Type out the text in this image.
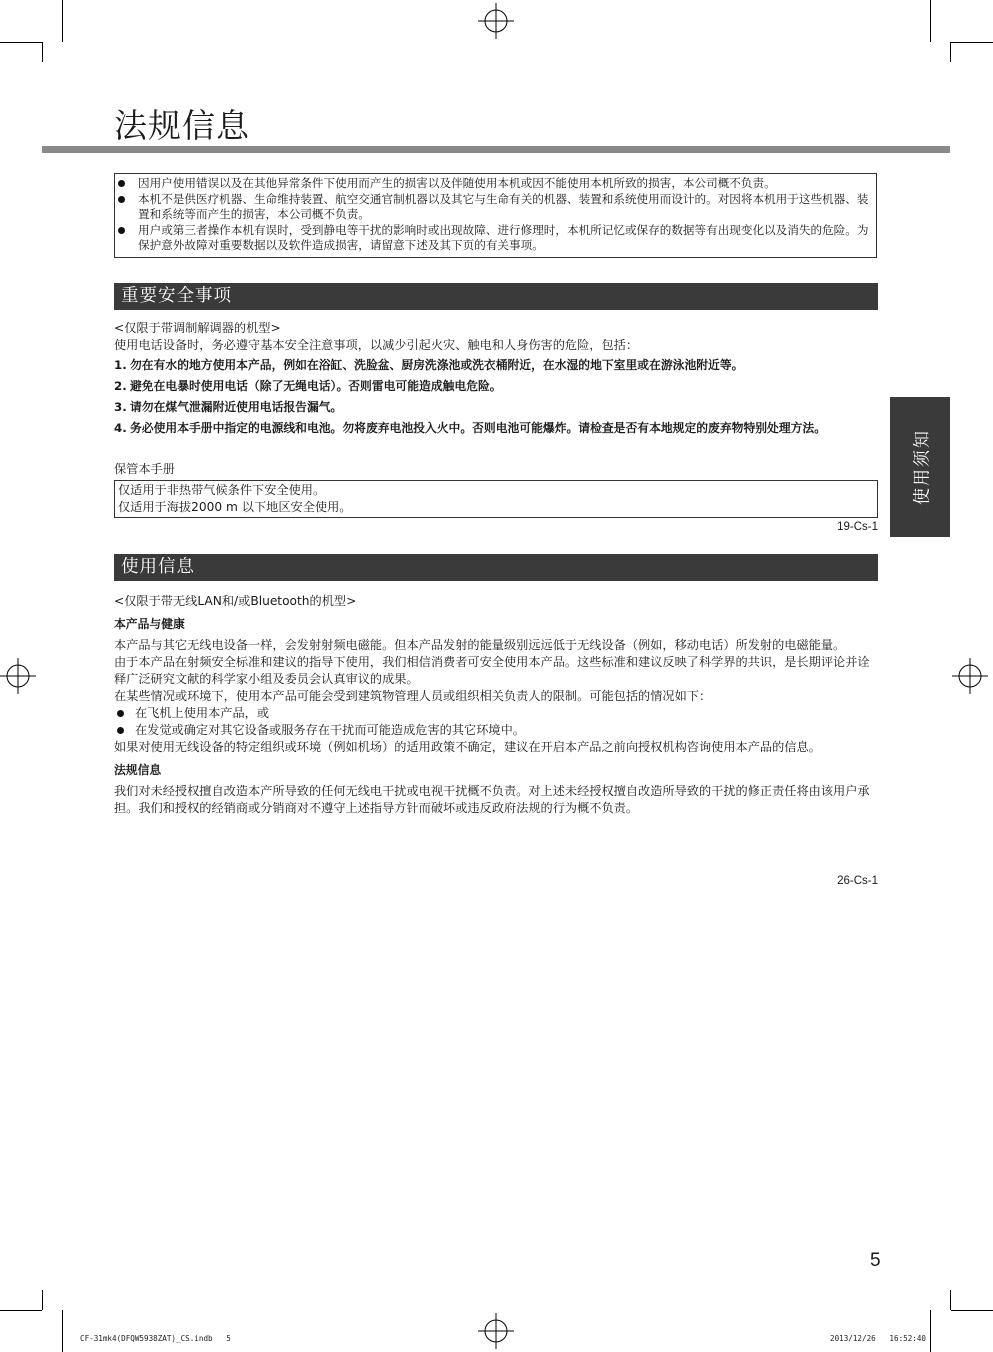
法规信息
因用户使用错误以及在其他异常条件下使用而产生的损害以及伴随使用本机或因不能使用本机所致的损害，本公司概不负责。
本机不是供医疗机器、生命维持装置、航空交通官制机器以及其它与生命有关的机器、装置和系统使用而设计的。对因将本机用于这些机器、装置和系统等而产生的损害，本公司概不负责。
用户或第三者操作本机有误时，受到静电等干扰的影响时或出现故障、进行修理时，本机所记忆或保存的数据等有出现变化以及消失的危险。为保护意外故障对重要数据以及软件造成损害，请留意下述及其下页的有关事项。
重要安全事项
<仅限于带调制解调器的机型>
使用电话设备时，务必遵守基本安全注意事项，以减少引起火灾、触电和人身伤害的危险，包括：
1. 勿在有水的地方使用本产品，例如在浴缸、洗脸盆、厨房洗涤池或洗衣桶附近，在水湿的地下室里或在游泳池附近等。
2. 避免在电暴时使用电话（除了无绳电话）。否则雷电可能造成触电危险。
3. 请勿在煤气泄漏附近使用电话报告漏气。
4. 务必使用本手册中指定的电源线和电池。勿将废弃电池投入火中。否则电池可能爆炸。请检查是否有本地规定的废弃物特别处理方法。
保管本手册
仅适用于非热带气候条件下安全使用。
仅适用于海拔2000 m 以下地区安全使用。
19-Cs-1
使用信息
<仅限于带无线LAN和/或Bluetooth的机型>
本产品与健康
本产品与其它无线电设备一样，会发射射频电磁能。但本产品发射的能量级别远远低于无线设备（例如，移动电话）所发射的电磁能量。
由于本产品在射频安全标准和建议的指导下使用，我们相信消费者可安全使用本产品。这些标准和建议反映了科学界的共识，是长期评论并诠释广泛研究文献的科学家小组及委员会认真审议的成果。
在某些情况或环境下，使用本产品可能会受到建筑物管理人员或组织相关负责人的限制。可能包括的情况如下：
在飞机上使用本产品，或
在发觉或确定对其它设备或服务存在干扰而可能造成危害的其它环境中。
如果对使用无线设备的特定组织或环境（例如机场）的适用政策不确定，建议在开启本产品之前向授权机构咨询使用本产品的信息。
法规信息
我们对未经授权擅自改造本产所导致的任何无线电干扰或电视干扰概不负责。对上述未经授权擅自改造所导致的干扰的修正责任将由该用户承担。我们和授权的经销商或分销商对不遵守上述指导方针而破坏或违反政府法规的行为概不负责。
26-Cs-1
使用须知
5
CF-31mk4(DFQW5938ZAT)_CS.indb   5	2013/12/26   16:52:40
